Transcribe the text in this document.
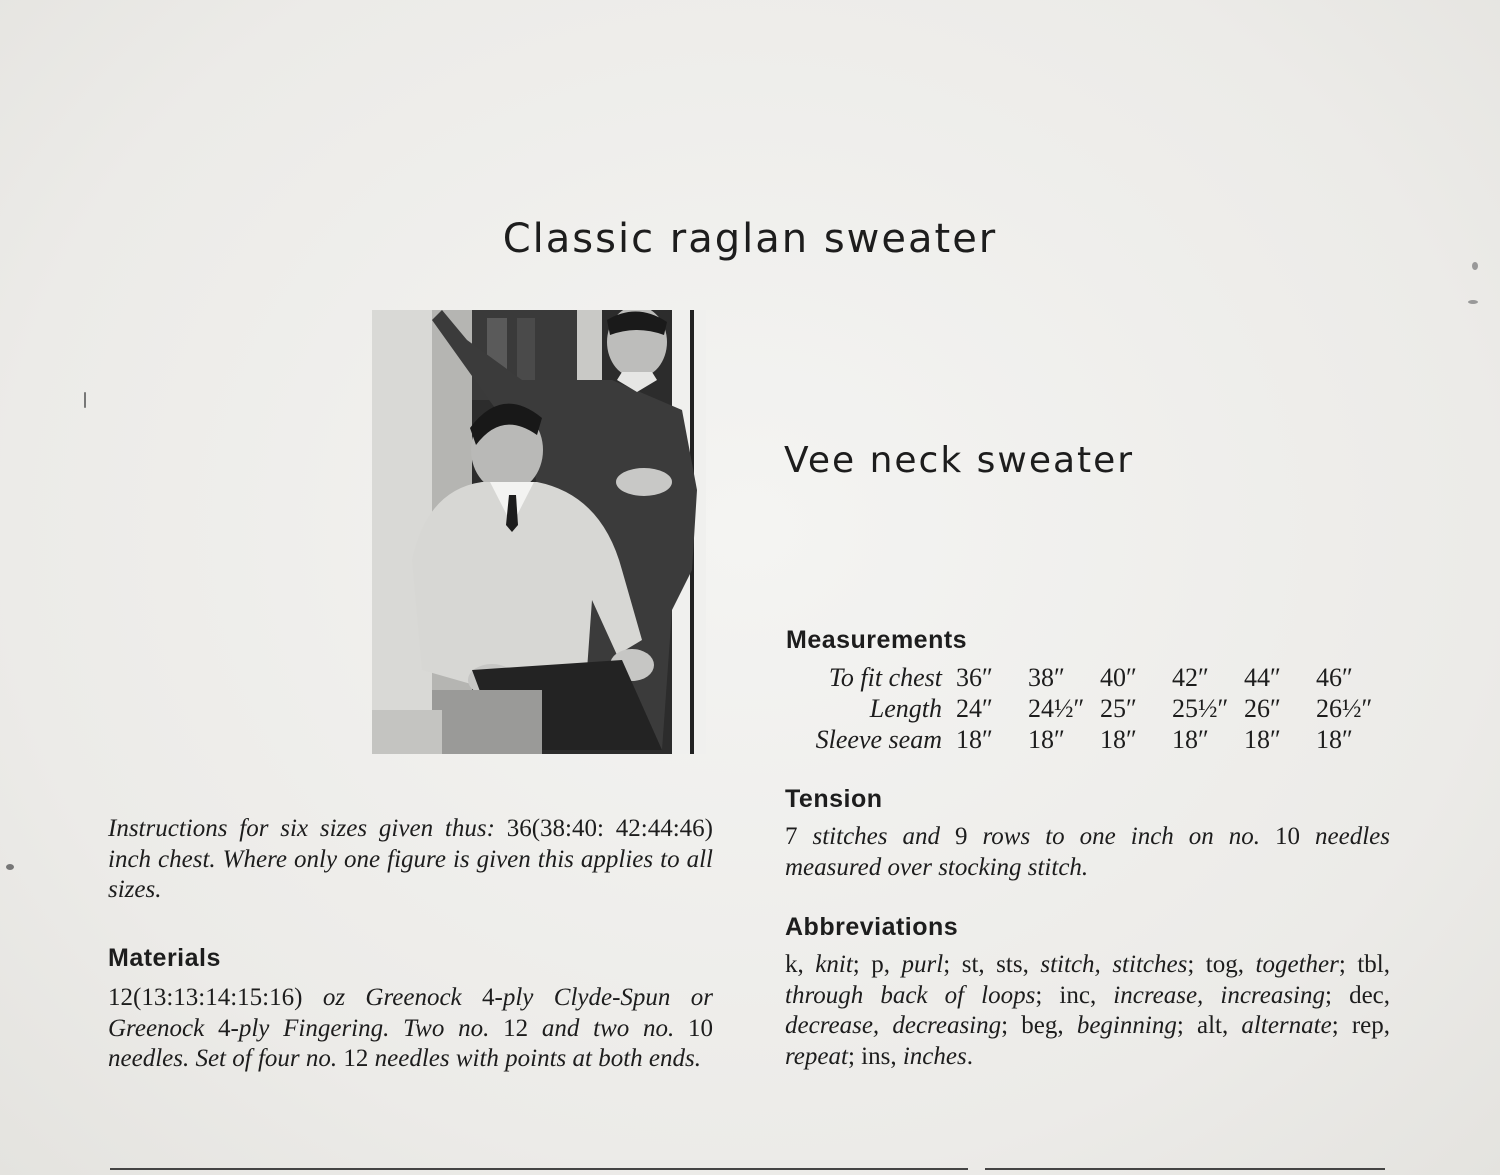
Classic raglan sweater
Vee neck sweater
Instructions for six sizes given thus: 36(38:40: 42:44:46) inch chest. Where only one figure is given this applies to all sizes.
Materials
12(13:13:14:15:16) oz Greenock 4-ply Clyde-Spun or Greenock 4-ply Fingering. Two no. 12 and two no. 10 needles. Set of four no. 12 needles with points at both ends.
Measurements
To fit chest	36″	38″	40″	42″	44″	46″
Length	24″	24½″	25″	25½″	26″	26½″
Sleeve seam	18″	18″	18″	18″	18″	18″
Tension
7 stitches and 9 rows to one inch on no. 10 needles measured over stocking stitch.
Abbreviations
k, knit; p, purl; st, sts, stitch, stitches; tog, together; tbl, through back of loops; inc, increase, increasing; dec, decrease, decreasing; beg, beginning; alt, alternate; rep, repeat; ins, inches.
